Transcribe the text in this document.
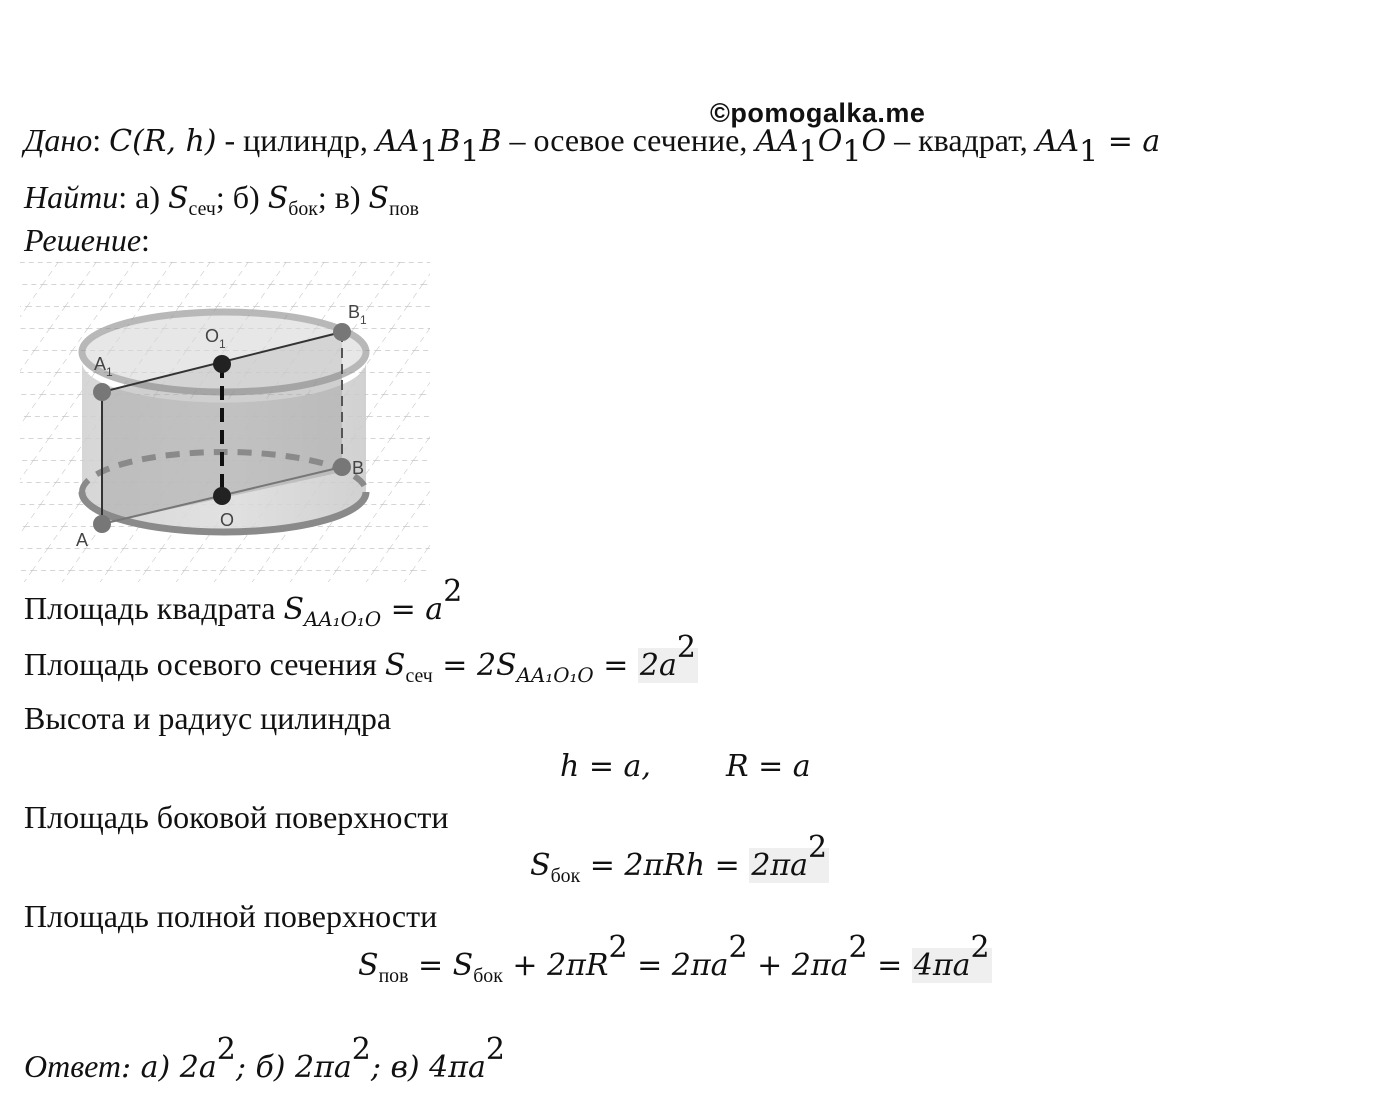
©pomogalka.me
Дано: C(R, h) - цилиндр, $AA_1B_1B$ – осевое сечение, $AA_1O_1O$ – квадрат, $AA_1 = a$
Найти: а) $S_{сеч}$; б) $S_{бок}$; в) $S_{пов}$
Решение:
$O_1$
$A_1$
$B_1$
A
B
O
Площадь квадрата $S_{AA_1O_1O} = a^2$
Площадь осевого сечения $S_{сеч} = 2S_{AA_1O_1O} = 2a^2$
Высота и радиус цилиндра
h = a,	R = a
Площадь боковой поверхности
$S_{бок} = 2\pi Rh = 2\pi a^2$
Площадь полной поверхности
$S_{пов} = S_{бок} + 2\pi R^2 = 2\pi a^2 + 2\pi a^2 = 4\pi a^2$
Ответ: а) $2a^2$; б) $2\pi a^2$; в) $4\pi a^2$
